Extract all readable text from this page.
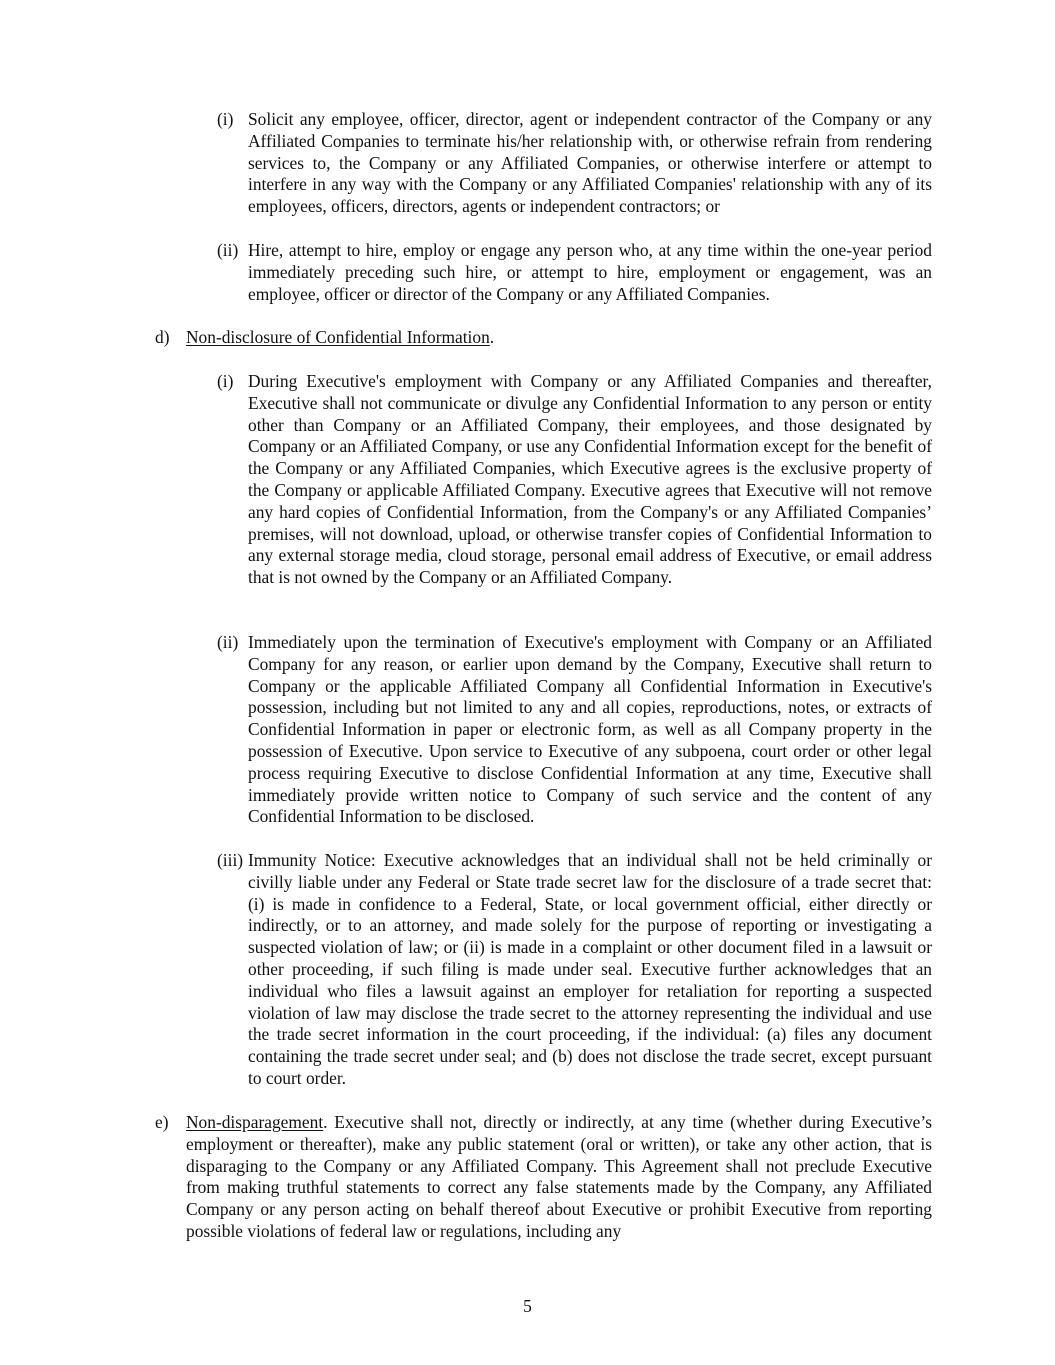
(i) Solicit any employee, officer, director, agent or independent contractor of the Company or any Affiliated Companies to terminate his/her relationship with, or otherwise refrain from rendering services to, the Company or any Affiliated Companies, or otherwise interfere or attempt to interfere in any way with the Company or any Affiliated Companies' relationship with any of its employees, officers, directors, agents or independent contractors; or
(ii) Hire, attempt to hire, employ or engage any person who, at any time within the one-year period immediately preceding such hire, or attempt to hire, employment or engagement, was an employee, officer or director of the Company or any Affiliated Companies.
d) Non-disclosure of Confidential Information.
(i) During Executive's employment with Company or any Affiliated Companies and thereafter, Executive shall not communicate or divulge any Confidential Information to any person or entity other than Company or an Affiliated Company, their employees, and those designated by Company or an Affiliated Company, or use any Confidential Information except for the benefit of the Company or any Affiliated Companies, which Executive agrees is the exclusive property of the Company or applicable Affiliated Company. Executive agrees that Executive will not remove any hard copies of Confidential Information, from the Company's or any Affiliated Companies’ premises, will not download, upload, or otherwise transfer copies of Confidential Information to any external storage media, cloud storage, personal email address of Executive, or email address that is not owned by the Company or an Affiliated Company.
(ii) Immediately upon the termination of Executive's employment with Company or an Affiliated Company for any reason, or earlier upon demand by the Company, Executive shall return to Company or the applicable Affiliated Company all Confidential Information in Executive's possession, including but not limited to any and all copies, reproductions, notes, or extracts of Confidential Information in paper or electronic form, as well as all Company property in the possession of Executive. Upon service to Executive of any subpoena, court order or other legal process requiring Executive to disclose Confidential Information at any time, Executive shall immediately provide written notice to Company of such service and the content of any Confidential Information to be disclosed.
(iii) Immunity Notice: Executive acknowledges that an individual shall not be held criminally or civilly liable under any Federal or State trade secret law for the disclosure of a trade secret that: (i) is made in confidence to a Federal, State, or local government official, either directly or indirectly, or to an attorney, and made solely for the purpose of reporting or investigating a suspected violation of law; or (ii) is made in a complaint or other document filed in a lawsuit or other proceeding, if such filing is made under seal. Executive further acknowledges that an individual who files a lawsuit against an employer for retaliation for reporting a suspected violation of law may disclose the trade secret to the attorney representing the individual and use the trade secret information in the court proceeding, if the individual: (a) files any document containing the trade secret under seal; and (b) does not disclose the trade secret, except pursuant to court order.
e) Non-disparagement. Executive shall not, directly or indirectly, at any time (whether during Executive’s employment or thereafter), make any public statement (oral or written), or take any other action, that is disparaging to the Company or any Affiliated Company. This Agreement shall not preclude Executive from making truthful statements to correct any false statements made by the Company, any Affiliated Company or any person acting on behalf thereof about Executive or prohibit Executive from reporting possible violations of federal law or regulations, including any
5
